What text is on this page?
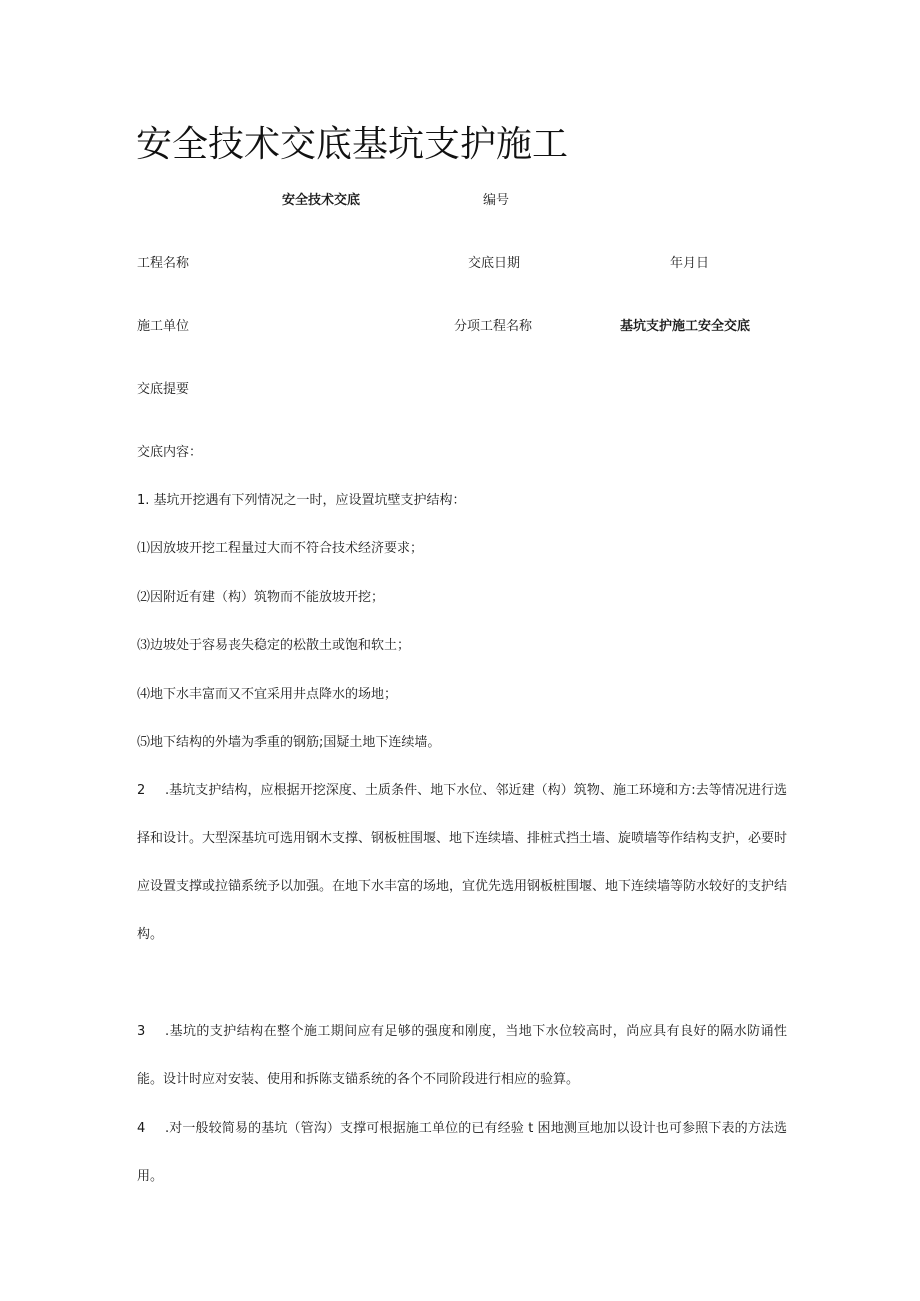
安全技术交底基坑支护施工
安全技术交底	编号
工程名称	交底日期	年月日
施工单位	分项工程名称	基坑支护施工安全交底
交底提要
交底内容：
1. 基坑开挖遇有下列情况之一时，应设置坑壁支护结构：
⑴因放坡开挖工程量过大而不符合技术经济要求；
⑵因附近有建（构）筑物而不能放坡开挖；
⑶边坡处于容易丧失稳定的松散土或饱和软土；
⑷地下水丰富而又不宜采用井点降水的场地；
⑸地下结构的外墙为季重的钢筋;国疑土地下连续墙。

2 .基坑支护结构，应根据开挖深度、土质条件、地下水位、邻近建（构）筑物、施工环境和方:去等情况进行选择和设计。大型深基坑可选用钢木支撑、钢板桩围堰、地下连续墙、排桩式挡土墙、旋喷墙等作结构支护，必要时应设置支撑或拉锚系统予以加强。在地下水丰富的场地，宜优先选用钢板桩围堰、地下连续墙等防水较好的支护结构。

3 .基坑的支护结构在整个施工期间应有足够的强度和刚度，当地下水位较高时，尚应具有良好的隔水防诵性能。设计时应对安装、使用和拆陈支锚系统的各个不同阶段进行相应的验算。

4 .对一般较简易的基坑（管沟）支撑可根据施工单位的已有经验 t 困地测亘地加以设计也可参照下表的方法选用。
